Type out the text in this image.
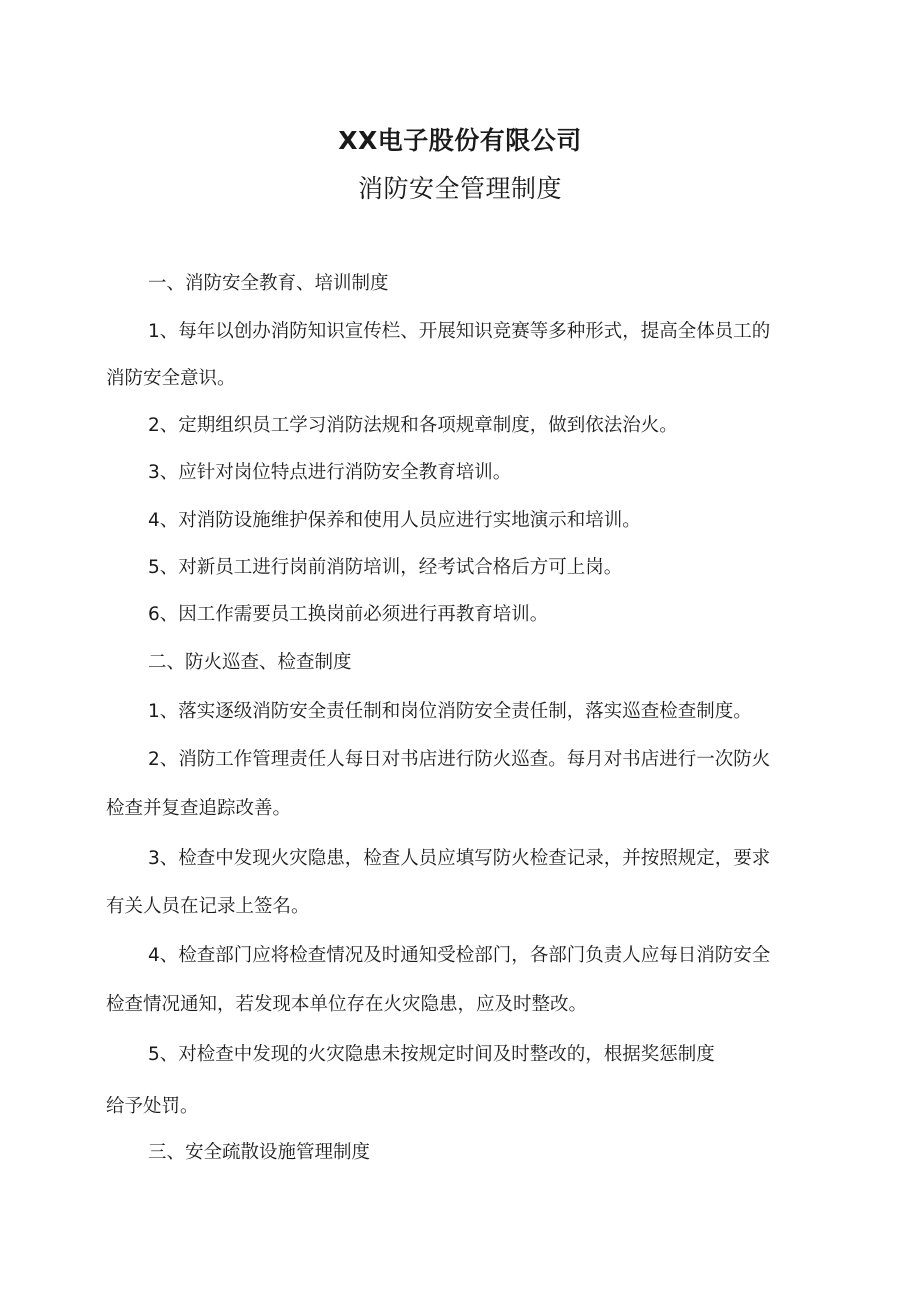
XX电子股份有限公司
消防安全管理制度
一、消防安全教育、培训制度
1、每年以创办消防知识宣传栏、开展知识竞赛等多种形式，提高全体员工的
消防安全意识。
2、定期组织员工学习消防法规和各项规章制度，做到依法治火。
3、应针对岗位特点进行消防安全教育培训。
4、对消防设施维护保养和使用人员应进行实地演示和培训。
5、对新员工进行岗前消防培训，经考试合格后方可上岗。
6、因工作需要员工换岗前必须进行再教育培训。
二、防火巡查、检查制度
1、落实逐级消防安全责任制和岗位消防安全责任制，落实巡查检查制度。
2、消防工作管理责任人每日对书店进行防火巡查。每月对书店进行一次防火
检查并复查追踪改善。
3、检查中发现火灾隐患，检查人员应填写防火检查记录，并按照规定，要求
有关人员在记录上签名。
4、检查部门应将检查情况及时通知受检部门，各部门负责人应每日消防安全
检查情况通知，若发现本单位存在火灾隐患，应及时整改。
5、对检查中发现的火灾隐患未按规定时间及时整改的，根据奖惩制度
给予处罚。
三、安全疏散设施管理制度
